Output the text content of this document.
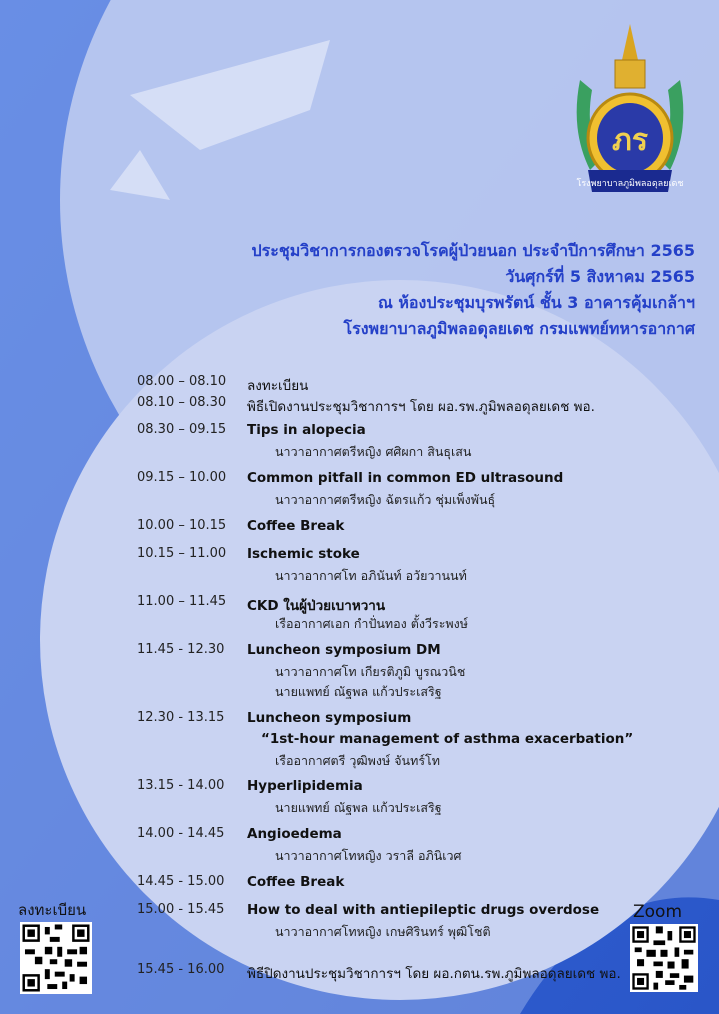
ภร
โรงพยาบาลภูมิพลอดุลยเดช
ประชุมวิชาการกองตรวจโรคผู้ป่วยนอก ประจำปีการศึกษา 2565
วันศุกร์ที่ 5 สิงหาคม 2565
ณ ห้องประชุมบุรพรัตน์ ชั้น 3 อาคารคุ้มเกล้าฯ
โรงพยาบาลภูมิพลอดุลยเดช กรมแพทย์ทหารอากาศ
08.00 – 08.10 ลงทะเบียน
08.10 – 08.30 พิธีเปิดงานประชุมวิชาการฯ โดย ผอ.รพ.ภูมิพลอดุลยเดช พอ.
08.30 – 09.15 Tips in alopecia
นาวาอากาศตรีหญิง ศศิผกา สินธุเสน
09.15 – 10.00 Common pitfall in common ED ultrasound
นาวาอากาศตรีหญิง ฉัตรแก้ว ชุ่มเพ็งพันธุ์
10.00 – 10.15 Coffee Break
10.15 – 11.00 Ischemic stoke
นาวาอากาศโท อภินันท์ อวัยวานนท์
11.00 – 11.45 CKD ในผู้ป่วยเบาหวาน
เรืออากาศเอก กำปั่นทอง ตั้งวีระพงษ์
11.45 - 12.30 Luncheon symposium DM
นาวาอากาศโท เกียรติภูมิ บูรณวนิช
นายแพทย์ ณัฐพล แก้วประเสริฐ
12.30 - 13.15 Luncheon symposium
“1st-hour management of asthma exacerbation”
เรืออากาศตรี วุฒิพงษ์ จันทร์โท
13.15 - 14.00 Hyperlipidemia
นายแพทย์ ณัฐพล แก้วประเสริฐ
14.00 - 14.45 Angioedema
นาวาอากาศโทหญิง วราลี อภินิเวศ
14.45 - 15.00 Coffee Break
15.00 - 15.45 How to deal with antiepileptic drugs overdose
นาวาอากาศโทหญิง เกษศิรินทร์ พุฒิโชติ
15.45 - 16.00 พิธีปิดงานประชุมวิชาการฯ โดย ผอ.กตน.รพ.ภูมิพลอดุลยเดช พอ.
ลงทะเบียน	Zoom
